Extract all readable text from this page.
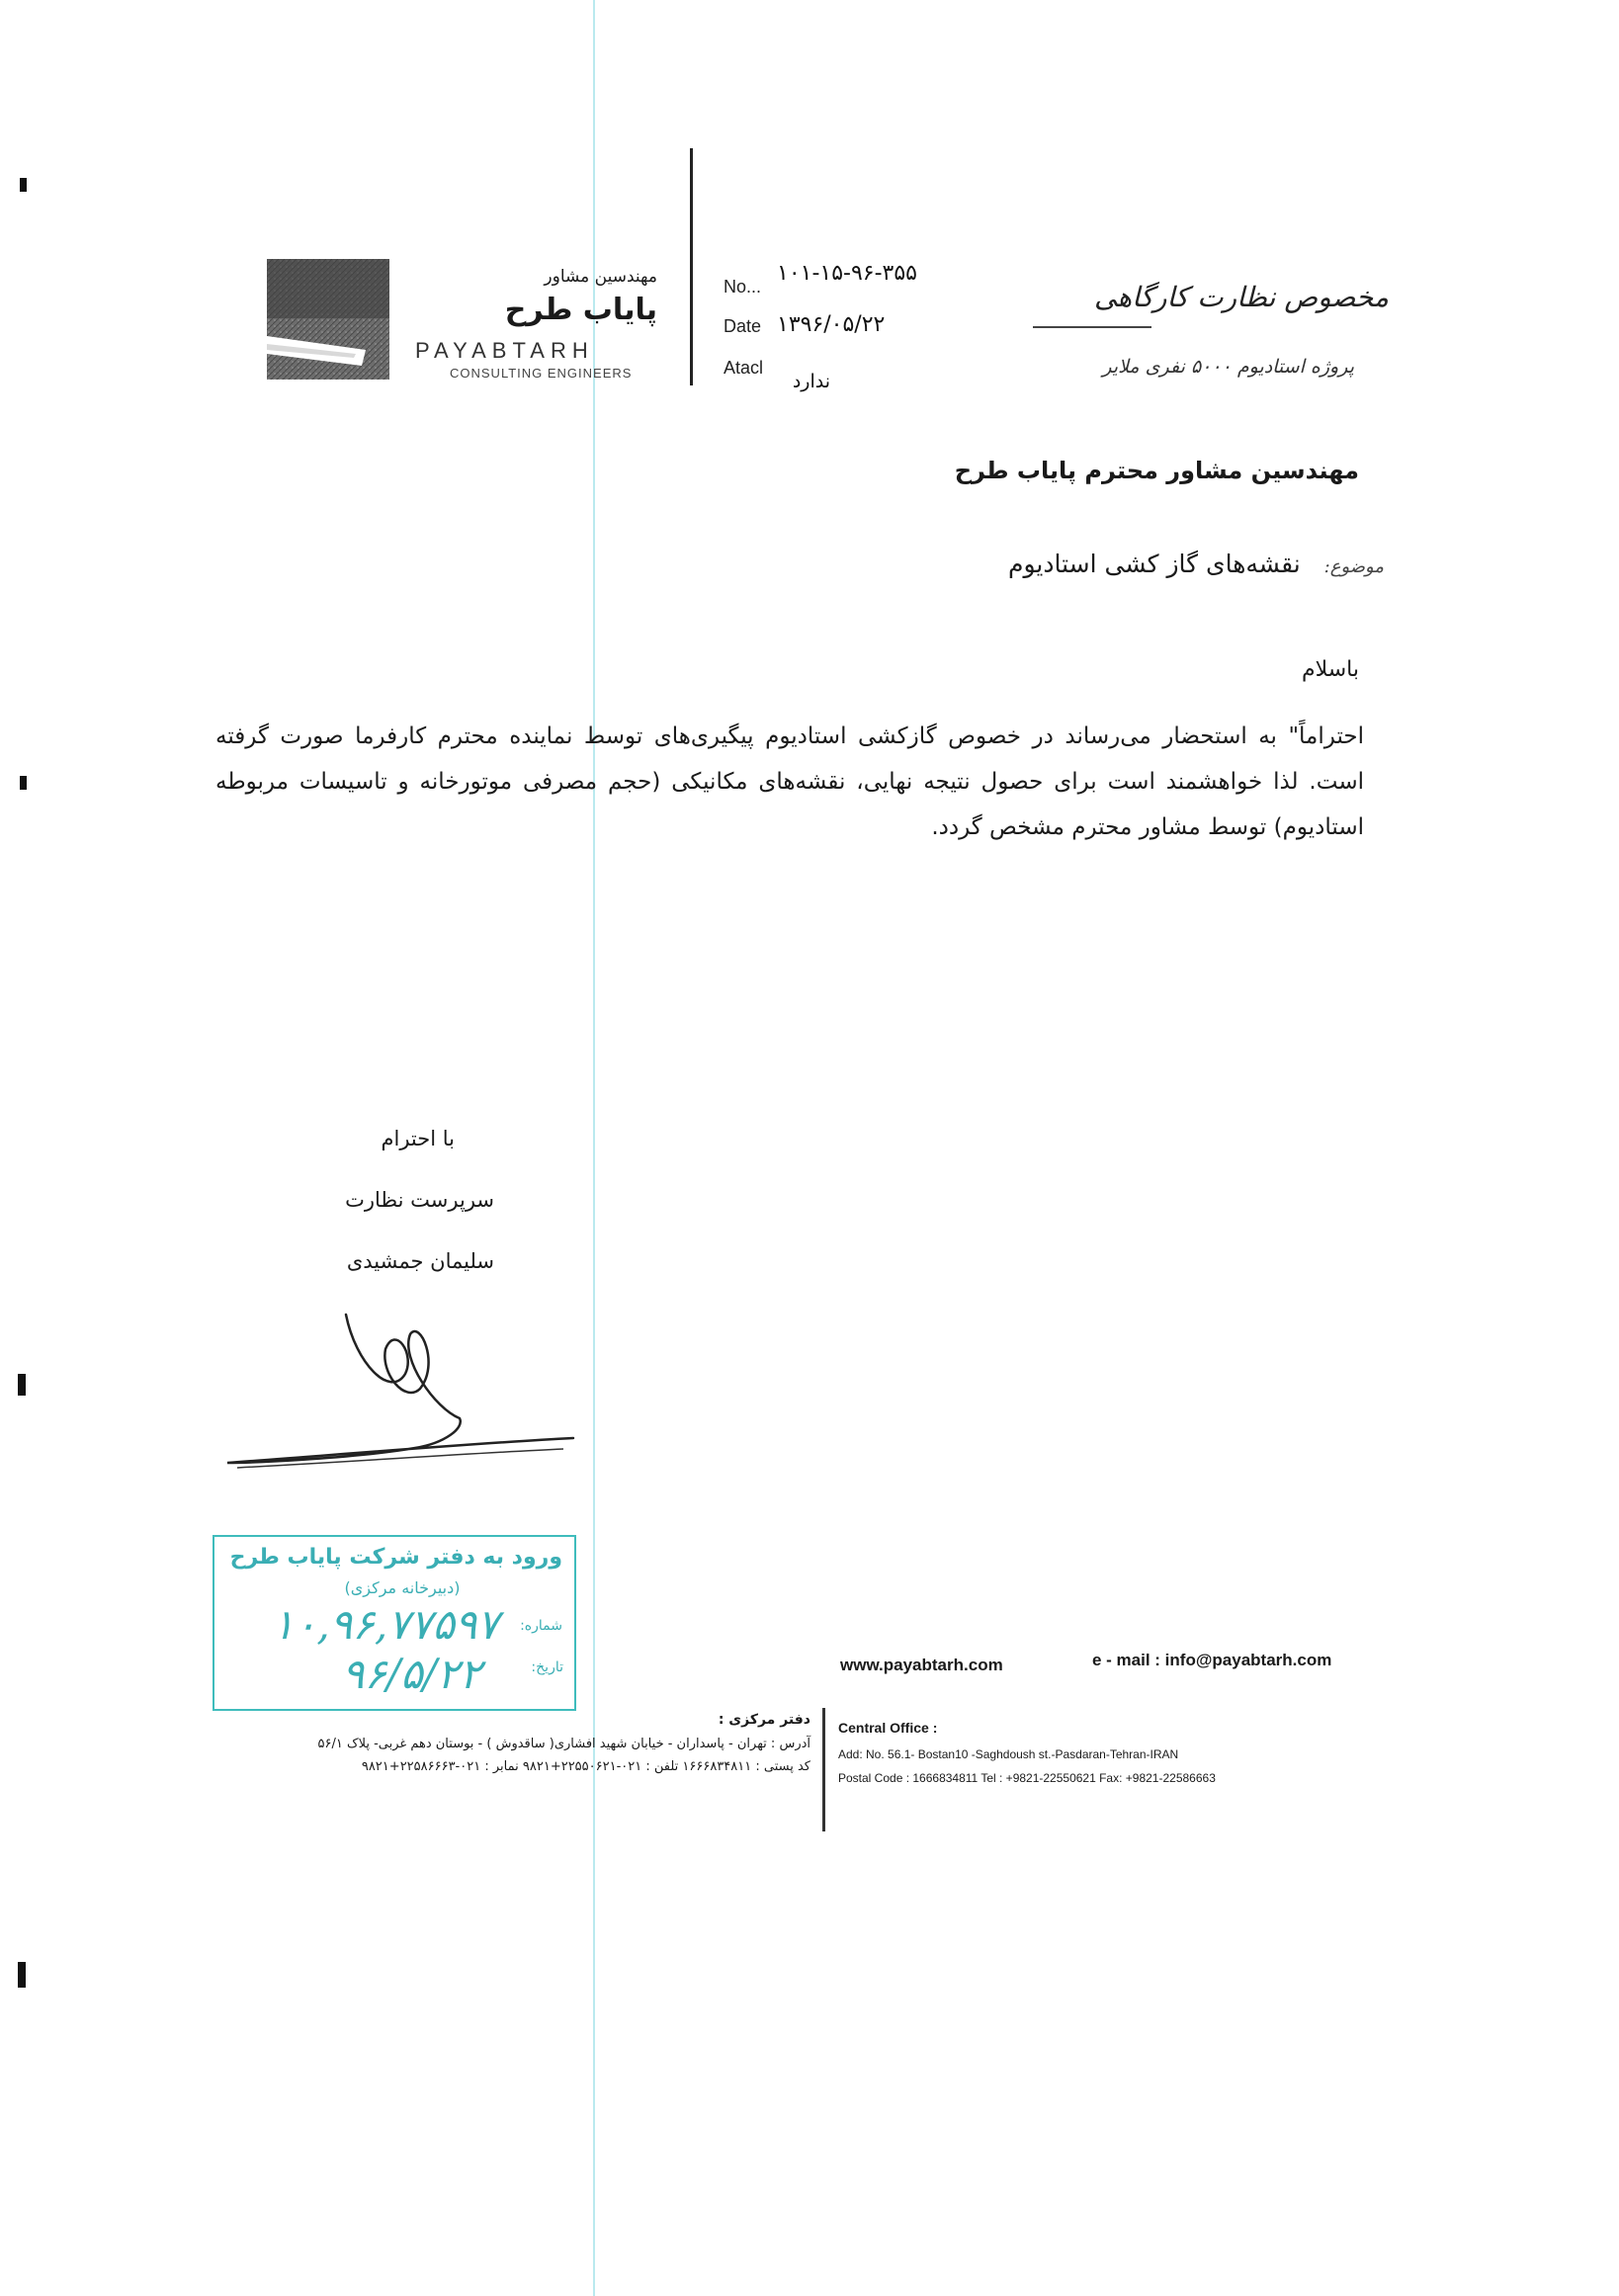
مهندسین مشاور
پایاب طرح
PAYABTARH
CONSULTING ENGINEERS
No...
۱۰۱-۱۵-۹۶-۳۵۵
Date ۱۳۹۶/۰۵/۲۲
Atacl
ندارد
مخصوص نظارت کارگاهی
پروژه استادیوم ۵۰۰۰ نفری ملایر
مهندسین مشاور محترم پایاب طرح
موضوع: نقشه‌های گاز کشی استادیوم
باسلام
احتراماً" به استحضار می‌رساند در خصوص گازکشی استادیوم پیگیری‌های توسط نماینده محترم کارفرما صورت گرفته است. لذا خواهشمند است برای حصول نتیجه نهایی، نقشه‌های مکانیکی (حجم مصرفی موتورخانه و تاسیسات مربوطه استادیوم) توسط مشاور محترم مشخص گردد.
با احترام
سرپرست نظارت
سلیمان جمشیدی
ورود به دفتر شرکت پایاب طرح
(دبیرخانه مرکزی)
شماره:
۱۰,۹۶,۷۷۵۹۷
تاریخ:
۹۶/۵/۲۲	www.payabtarh.com	e - mail : info@payabtarh.com
دفتر مرکزی :
آدرس : تهران - پاسداران - خیابان شهید افشاری( ساقدوش ) - بوستان دهم غربی- پلاک ۵۶/۱
کد پستی : ۱۶۶۶۸۳۴۸۱۱ تلفن : ۰۲۱-۲۲۵۵۰۶۲۱+۹۸۲۱ نمابر : ۰۲۱-۲۲۵۸۶۶۶۳+۹۸۲۱
Central Office :
Add: No. 56.1- Bostan10 -Saghdoush st.-Pasdaran-Tehran-IRAN
Postal Code : 1666834811 Tel : +9821-22550621 Fax: +9821-22586663
